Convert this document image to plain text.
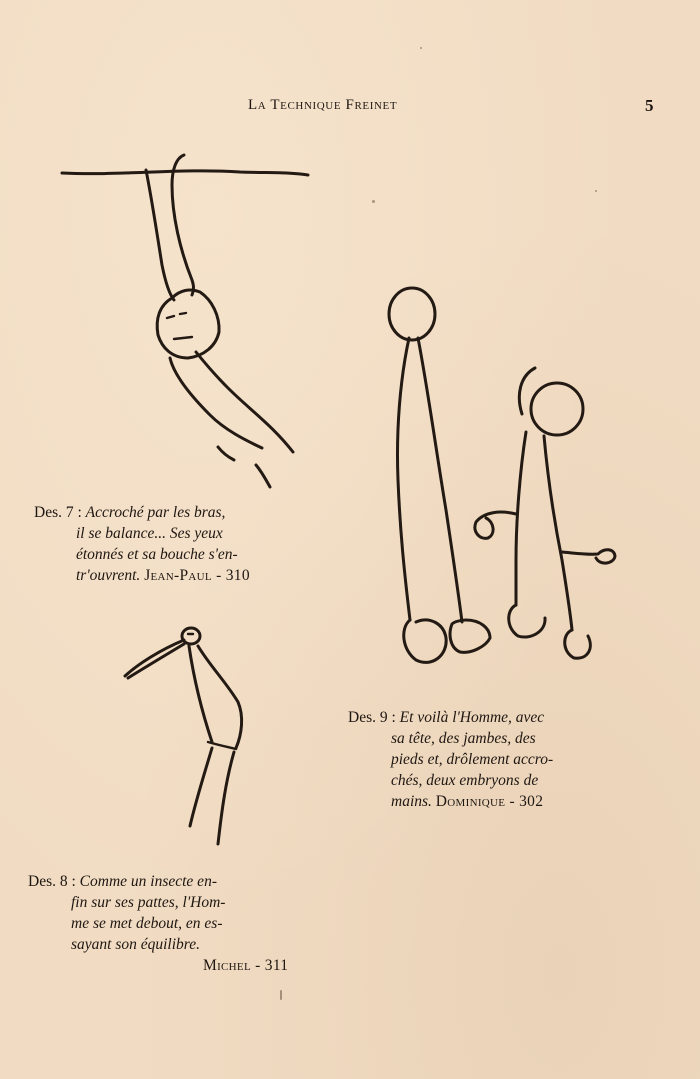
La Technique Freinet	5
Des. 7 : Accroché par les bras,
il se balance... Ses yeux
étonnés et sa bouche s'en-
tr'ouvrent. Jean-Paul - 310
Des. 9 : Et voilà l'Homme, avec
sa tête, des jambes, des
pieds et, drôlement accro-
chés, deux embryons de
mains. Dominique - 302
Des. 8 : Comme un insecte en-
fin sur ses pattes, l'Hom-
me se met debout, en es-
sayant son équilibre.
Michel - 311
